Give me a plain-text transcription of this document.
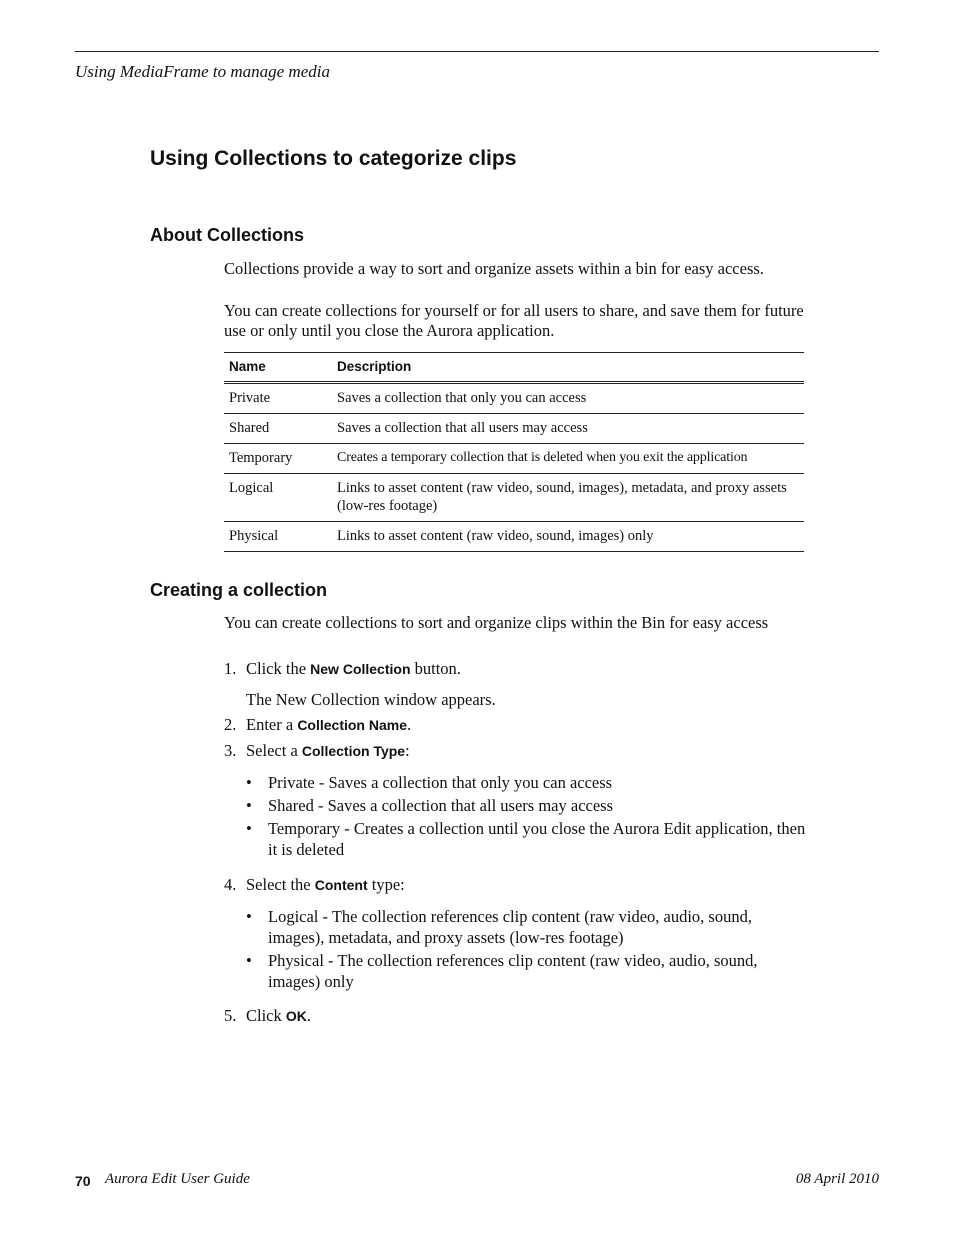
Using MediaFrame to manage media
Using Collections to categorize clips
About Collections

Collections provide a way to sort and organize assets within a bin for easy access.

You can create collections for yourself or for all users to share, and save them for future use or only until you close the Aurora application.

Name	Description
Private	Saves a collection that only you can access
Shared	Saves a collection that all users may access
Temporary	Creates a temporary collection that is deleted when you exit the application
Logical	Links to asset content (raw video, sound, images), metadata, and proxy assets (low-res footage)
Physical	Links to asset content (raw video, sound, images) only
Creating a collection

You can create collections to sort and organize clips within the Bin for easy access

1. Click the New Collection button.

The New Collection window appears.

2. Enter a Collection Name.

3. Select a Collection Type:

• Private - Saves a collection that only you can access
• Shared - Saves a collection that all users may access
• Temporary - Creates a collection until you close the Aurora Edit application, then it is deleted

4. Select the Content type:

• Logical - The collection references clip content (raw video, audio, sound, images), metadata, and proxy assets (low-res footage)
• Physical - The collection references clip content (raw video, audio, sound, images) only

5. Click OK.

70 Aurora Edit User Guide	08 April 2010
